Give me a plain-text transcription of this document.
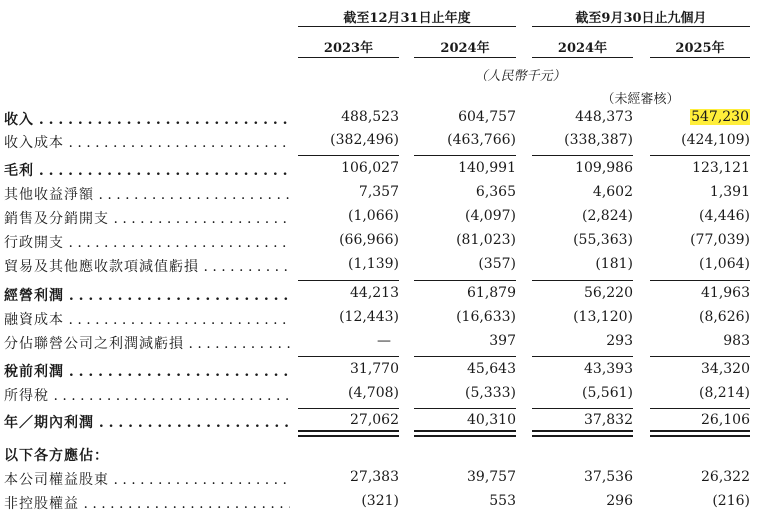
截至12月31日止年度	截至9月30日止九個月
2023年	2024年	2024年	2025年
（人民幣千元）
（未經審核）
收入 . . .	488,523	604,757	448,373	547,230
收入成本 . . .	(382,496)	(463,766)	(338,387)	(424,109)
毛利 . . .	106,027	140,991	109,986	123,121
其他收益淨額 . . .	7,357	6,365	4,602	1,391
銷售及分銷開支 . . .	(1,066)	(4,097)	(2,824)	(4,446)
行政開支 . . .	(66,966)	(81,023)	(55,363)	(77,039)
貿易及其他應收款項減值虧損 . . .	(1,139)	(357)	(181)	(1,064)
經營利潤 . . .	44,213	61,879	56,220	41,963
融資成本 . . .	(12,443)	(16,633)	(13,120)	(8,626)
分佔聯營公司之利潤減虧損 . . .	—	397	293	983
稅前利潤 . . .	31,770	45,643	43,393	34,320
所得稅 . . .	(4,708)	(5,333)	(5,561)	(8,214)
年／期內利潤 . . .	27,062	40,310	37,832	26,106
以下各方應佔：
本公司權益股東 . . .	27,383	39,757	37,536	26,322
非控股權益 . . .	(321)	553	296	(216)
